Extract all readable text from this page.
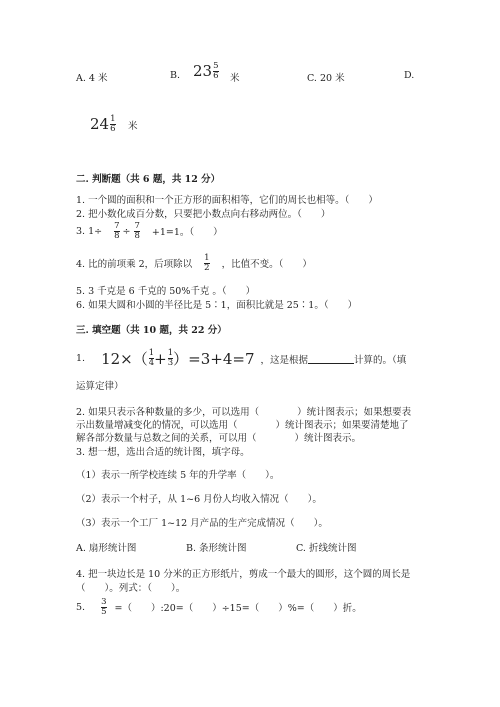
A. 4 米	B. $23 \frac{5}{6}$ 米	C. 20 米	D.
$24 \frac{1}{6}$ 米
二. 判断题（共 6 题，共 12 分）
1. 一个圆的面积和一个正方形的面积相等，它们的周长也相等。（　　）
2. 把小数化成百分数，只要把小数点向右移动两位。（　　）
3. $1\div \frac{7}{8} \div \frac{7}{8} +1=1$。（　　）
4. 比的前项乘 2，后项除以 $\frac{1}{2}$ ，比值不变。（　　）
5. 3 千克是 6 千克的 50%千克 。（　　）
6. 如果大圆和小圆的半径比是 5∶1，面积比就是 25∶1。（　　）
三. 填空题（共 10 题，共 22 分）
1. $12\times( \frac{1}{4} + \frac{1}{3} )=3+4=7$ ，这是根据	计算的。（填
运算定律）
2. 如果只表示各种数量的多少，可以选用（　　　　）统计图表示；如果想要表
示出数量增减变化的情况，可以选用（　　　　）统计图表示；如果要清楚地了
解各部分数量与总数之间的关系，可以用（　　　　）统计图表示。
3. 想一想，选出合适的统计图，填字母。
（1）表示一所学校连续 5 年的升学率（　　）。
（2）表示一个村子，从 1~6 月份人均收入情况（　　）。
（3）表示一个工厂 1~12 月产品的生产完成情况（　　）。
A. 扇形统计图	B. 条形统计图	C. 折线统计图
4. 把一块边长是 10 分米的正方形纸片，剪成一个最大的圆形，这个圆的周长是
（　　）。列式：（　　）。
5. $\frac{3}{5}$ =（　　）:20=（　　）÷15=（　　）%=（　　）折。
